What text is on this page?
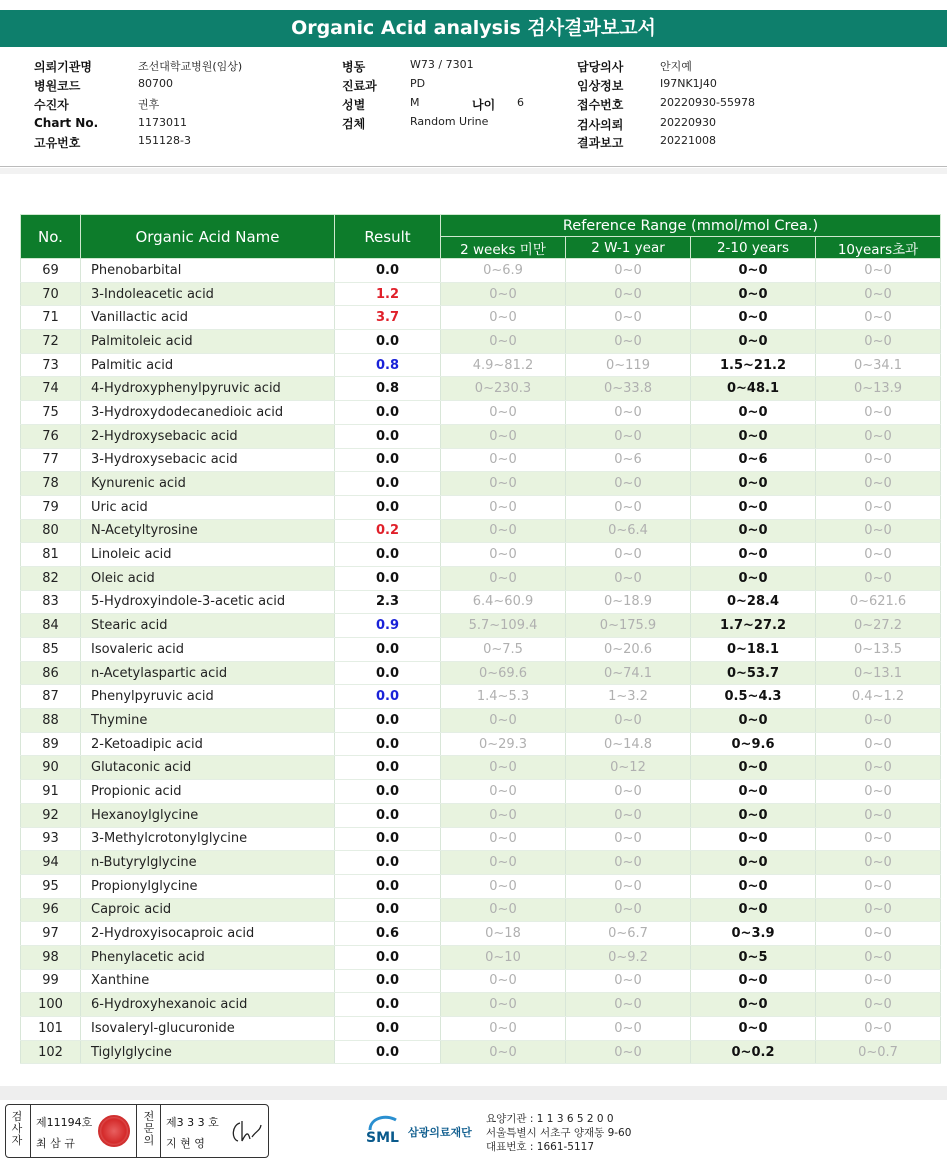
Organic Acid analysis 검사결과보고서
의뢰기관명	조선대학교병원(임상)
병원코드	80700
수진자	권후
Chart No.	1173011
고유번호	151128-3
병동	W73 / 7301
진료과	PD
성별	M	나이 6
검체	Random Urine
담당의사	안지예
임상정보	I97NK1J40
접수번호	20220930-55978
검사의뢰	20220930
결과보고	20221008
No.	Organic Acid Name	Result	Reference Range (mmol/mol Crea.)			
			2 weeks 미만	2 W-1 year	2-10 years	10years초과
69	Phenobarbital	0.0	0~6.9	0~0	0~0	0~0
70	3-Indoleacetic acid	1.2	0~0	0~0	0~0	0~0
71	Vanillactic acid	3.7	0~0	0~0	0~0	0~0
72	Palmitoleic acid	0.0	0~0	0~0	0~0	0~0
73	Palmitic acid	0.8	4.9~81.2	0~119	1.5~21.2	0~34.1
74	4-Hydroxyphenylpyruvic acid	0.8	0~230.3	0~33.8	0~48.1	0~13.9
75	3-Hydroxydodecanedioic acid	0.0	0~0	0~0	0~0	0~0
76	2-Hydroxysebacic acid	0.0	0~0	0~0	0~0	0~0
77	3-Hydroxysebacic acid	0.0	0~0	0~6	0~6	0~0
78	Kynurenic acid	0.0	0~0	0~0	0~0	0~0
79	Uric acid	0.0	0~0	0~0	0~0	0~0
80	N-Acetyltyrosine	0.2	0~0	0~6.4	0~0	0~0
81	Linoleic acid	0.0	0~0	0~0	0~0	0~0
82	Oleic acid	0.0	0~0	0~0	0~0	0~0
83	5-Hydroxyindole-3-acetic acid	2.3	6.4~60.9	0~18.9	0~28.4	0~621.6
84	Stearic acid	0.9	5.7~109.4	0~175.9	1.7~27.2	0~27.2
85	Isovaleric acid	0.0	0~7.5	0~20.6	0~18.1	0~13.5
86	n-Acetylaspartic acid	0.0	0~69.6	0~74.1	0~53.7	0~13.1
87	Phenylpyruvic acid	0.0	1.4~5.3	1~3.2	0.5~4.3	0.4~1.2
88	Thymine	0.0	0~0	0~0	0~0	0~0
89	2-Ketoadipic acid	0.0	0~29.3	0~14.8	0~9.6	0~0
90	Glutaconic acid	0.0	0~0	0~12	0~0	0~0
91	Propionic acid	0.0	0~0	0~0	0~0	0~0
92	Hexanoylglycine	0.0	0~0	0~0	0~0	0~0
93	3-Methylcrotonylglycine	0.0	0~0	0~0	0~0	0~0
94	n-Butyrylglycine	0.0	0~0	0~0	0~0	0~0
95	Propionylglycine	0.0	0~0	0~0	0~0	0~0
96	Caproic acid	0.0	0~0	0~0	0~0	0~0
97	2-Hydroxyisocaproic acid	0.6	0~18	0~6.7	0~3.9	0~0
98	Phenylacetic acid	0.0	0~10	0~9.2	0~5	0~0
99	Xanthine	0.0	0~0	0~0	0~0	0~0
100	6-Hydroxyhexanoic acid	0.0	0~0	0~0	0~0	0~0
101	Isovaleryl-glucuronide	0.0	0~0	0~0	0~0	0~0
102	Tiglylglycine	0.0	0~0	0~0	0~0.2	0~0.7
검사자
제11194호
최 삼 규
전문의
제3 3 3 호
지 현 영	SML 삼광의료재단
요양기관 : 1 1 3 6 5 2 0 0
서울특별시 서초구 양재동 9-60
대표번호 : 1661-5117
